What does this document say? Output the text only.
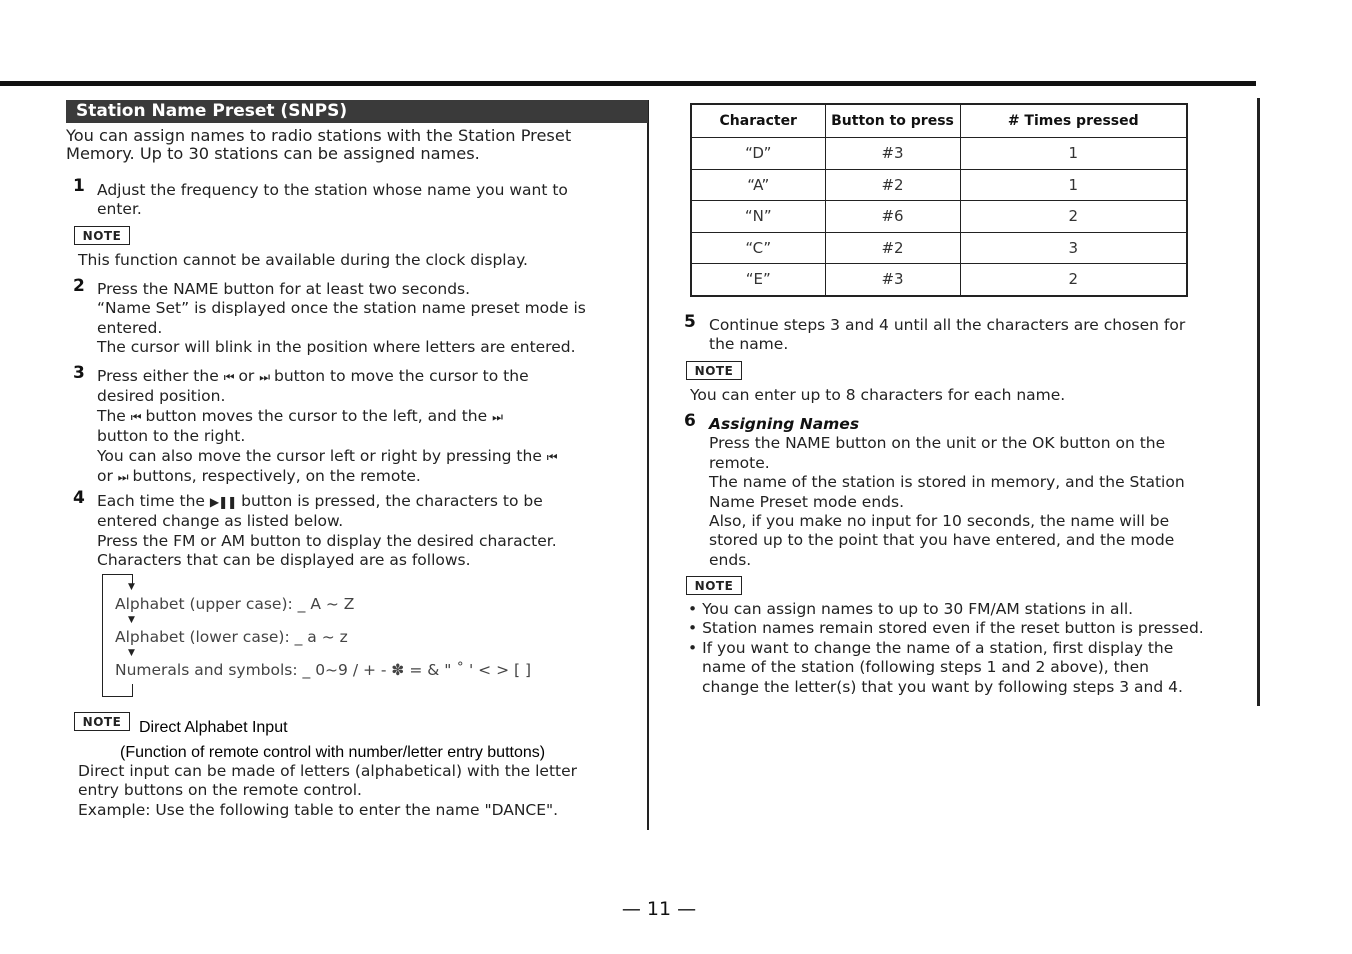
Station Name Preset (SNPS)
You can assign names to radio stations with the Station Preset
Memory. Up to 30 stations can be assigned names.
1 Adjust the frequency to the station whose name you want to
enter.
NOTE
This function cannot be available during the clock display.
2 Press the NAME button for at least two seconds.
“Name Set” is displayed once the station name preset mode is
entered.
The cursor will blink in the position where letters are entered.
3 Press either the ⏮ or ⏭ button to move the cursor to the
desired position.
The ⏮ button moves the cursor to the left, and the ⏭
button to the right.
You can also move the cursor left or right by pressing the ⏮
or ⏭ buttons, respectively, on the remote.
4 Each time the ▶❚❚ button is pressed, the characters to be
entered change as listed below.
Press the FM or AM button to display the desired character.
Characters that can be displayed are as follows.
▼
Alphabet (upper case): _ A ~ Z
▼
Alphabet (lower case): _ a ~ z
▼
Numerals and symbols: _ 0~9 / + - ✽ = & " ˚ ' < > [ ]
NOTE	Direct Alphabet Input
(Function of remote control with number/letter entry buttons)
Direct input can be made of letters (alphabetical) with the letter
entry buttons on the remote control.
Example: Use the following table to enter the name "DANCE".
Character	Button to press	# Times pressed
“D”	#3	1
“A”	#2	1
“N”	#6	2
“C”	#2	3
“E”	#3	2
5 Continue steps 3 and 4 until all the characters are chosen for
the name.
NOTE
You can enter up to 8 characters for each name.
6 Assigning Names
Press the NAME button on the unit or the OK button on the
remote.
The name of the station is stored in memory, and the Station
Name Preset mode ends.
Also, if you make no input for 10 seconds, the name will be
stored up to the point that you have entered, and the mode
ends.
NOTE
• You can assign names to up to 30 FM/AM stations in all.
• Station names remain stored even if the reset button is pressed.
• If you want to change the name of a station, first display the
name of the station (following steps 1 and 2 above), then
change the letter(s) that you want by following steps 3 and 4.
— 11 —
